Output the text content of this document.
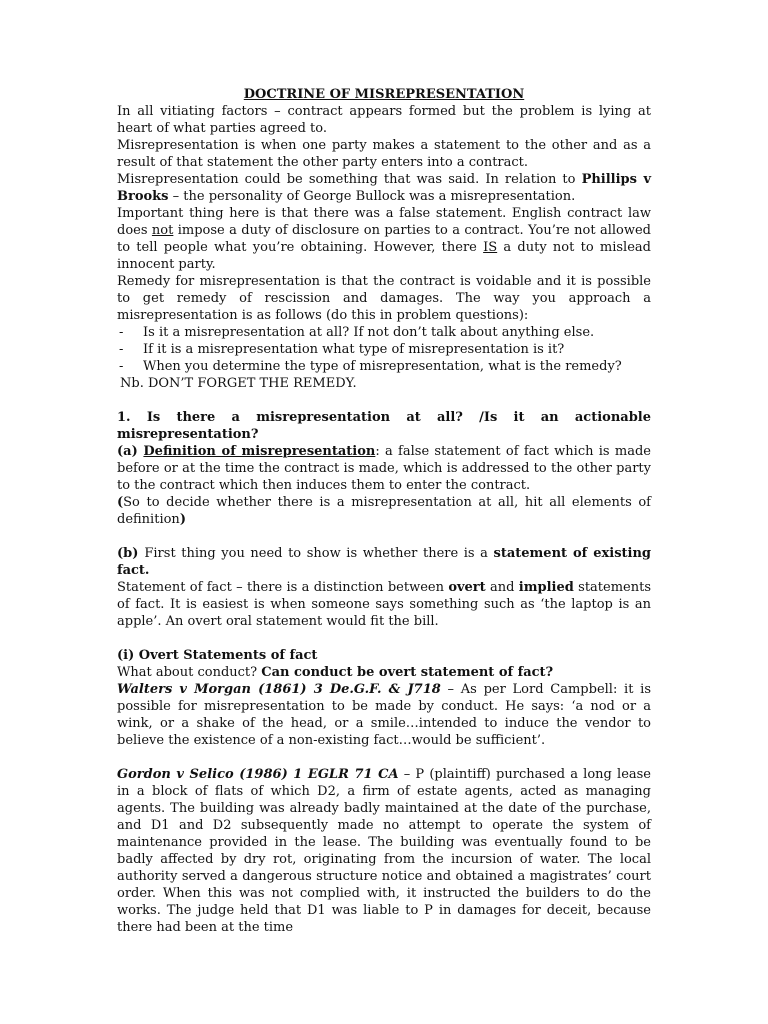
DOCTRINE OF MISREPRESENTATION

In all vitiating factors – contract appears formed but the problem is lying at heart of what parties agreed to.

Misrepresentation is when one party makes a statement to the other and as a result of that statement the other party enters into a contract.

Misrepresentation could be something that was said. In relation to Phillips v Brooks – the personality of George Bullock was a misrepresentation.

Important thing here is that there was a false statement. English contract law does not impose a duty of disclosure on parties to a contract. You’re not allowed to tell people what you’re obtaining. However, there IS a duty not to mislead innocent party.

Remedy for misrepresentation is that the contract is voidable and it is possible to get remedy of rescission and damages. The way you approach a misrepresentation is as follows (do this in problem questions):

- Is it a misrepresentation at all? If not don’t talk about anything else.
- If it is a misrepresentation what type of misrepresentation is it?
- When you determine the type of misrepresentation, what is the remedy?

Nb. DON’T FORGET THE REMEDY.

1. Is there a misrepresentation at all? /Is it an actionable misrepresentation?

(a) Definition of misrepresentation: a false statement of fact which is made before or at the time the contract is made, which is addressed to the other party to the contract which then induces them to enter the contract.

(So to decide whether there is a misrepresentation at all, hit all elements of definition)

(b) First thing you need to show is whether there is a statement of existing fact.

Statement of fact – there is a distinction between overt and implied statements of fact. It is easiest is when someone says something such as ‘the laptop is an apple’. An overt oral statement would fit the bill.

(i) Overt Statements of fact

What about conduct? Can conduct be overt statement of fact?

Walters v Morgan (1861) 3 De.G.F. & J718 – As per Lord Campbell: it is possible for misrepresentation to be made by conduct. He says: ‘a nod or a wink, or a shake of the head, or a smile…intended to induce the vendor to believe the existence of a non-existing fact…would be sufficient’.

Gordon v Selico (1986) 1 EGLR 71 CA – P (plaintiff) purchased a long lease in a block of flats of which D2, a firm of estate agents, acted as managing agents. The building was already badly maintained at the date of the purchase, and D1 and D2 subsequently made no attempt to operate the system of maintenance provided in the lease. The building was eventually found to be badly affected by dry rot, originating from the incursion of water. The local authority served a dangerous structure notice and obtained a magistrates’ court order. When this was not complied with, it instructed the builders to do the works. The judge held that D1 was liable to P in damages for deceit, because there had been at the time
